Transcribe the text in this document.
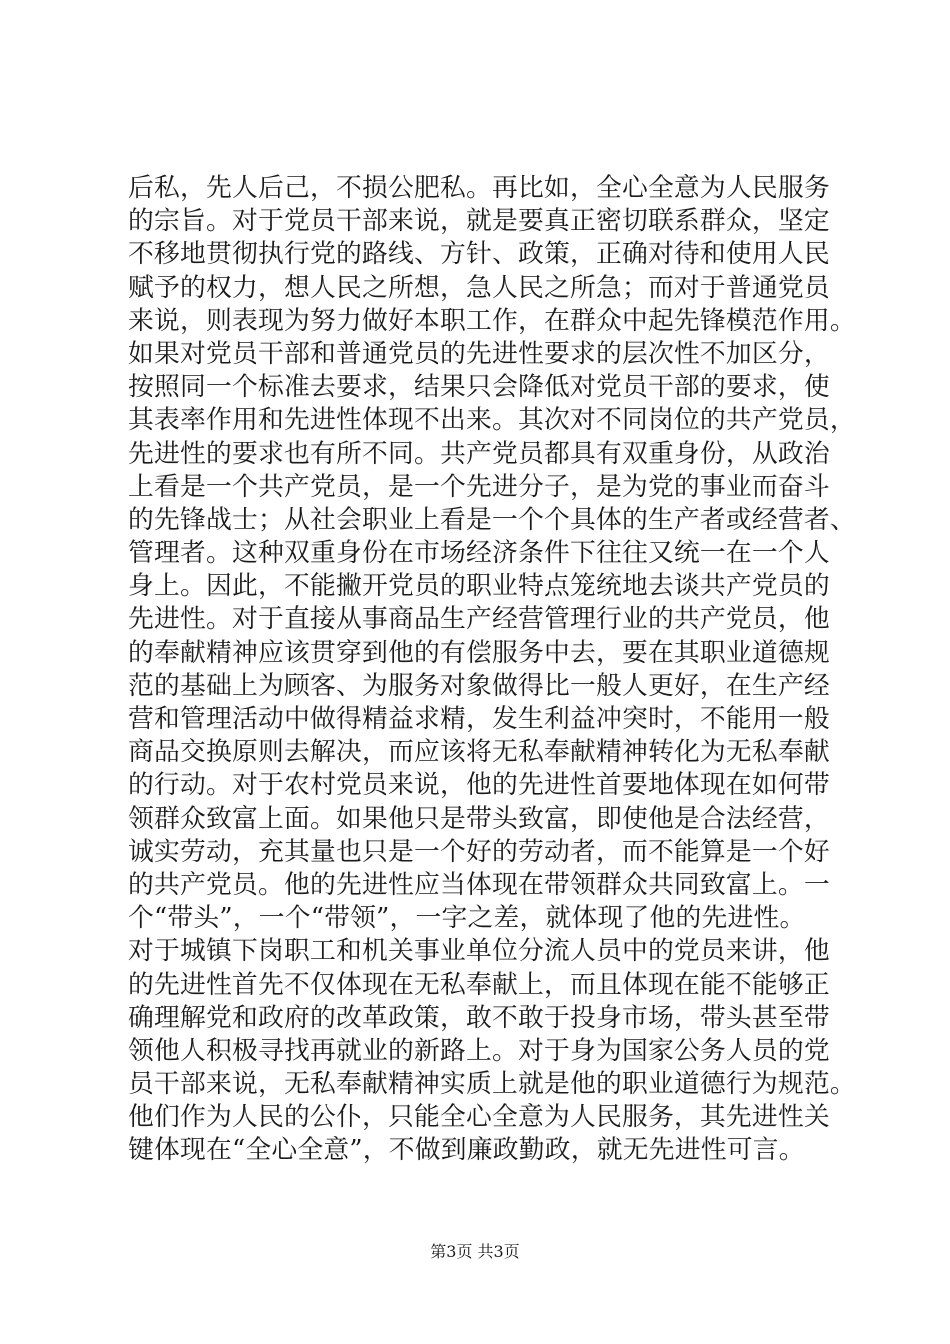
后私，先人后己，不损公肥私。再比如，全心全意为人民服务
的宗旨。对于党员干部来说，就是要真正密切联系群众，坚定
不移地贯彻执行党的路线、方针、政策，正确对待和使用人民
赋予的权力，想人民之所想，急人民之所急；而对于普通党员
来说，则表现为努力做好本职工作，在群众中起先锋模范作用。
如果对党员干部和普通党员的先进性要求的层次性不加区分，
按照同一个标准去要求，结果只会降低对党员干部的要求，使
其表率作用和先进性体现不出来。其次对不同岗位的共产党员，
先进性的要求也有所不同。共产党员都具有双重身份，从政治
上看是一个共产党员，是一个先进分子，是为党的事业而奋斗
的先锋战士；从社会职业上看是一个个具体的生产者或经营者、
管理者。这种双重身份在市场经济条件下往往又统一在一个人
身上。因此，不能撇开党员的职业特点笼统地去谈共产党员的
先进性。对于直接从事商品生产经营管理行业的共产党员，他
的奉献精神应该贯穿到他的有偿服务中去，要在其职业道德规
范的基础上为顾客、为服务对象做得比一般人更好，在生产经
营和管理活动中做得精益求精，发生利益冲突时，不能用一般
商品交换原则去解决，而应该将无私奉献精神转化为无私奉献
的行动。对于农村党员来说，他的先进性首要地体现在如何带
领群众致富上面。如果他只是带头致富，即使他是合法经营，
诚实劳动，充其量也只是一个好的劳动者，而不能算是一个好
的共产党员。他的先进性应当体现在带领群众共同致富上。一
个“带头”，一个“带领”，一字之差，就体现了他的先进性。
对于城镇下岗职工和机关事业单位分流人员中的党员来讲，他
的先进性首先不仅体现在无私奉献上，而且体现在能不能够正
确理解党和政府的改革政策，敢不敢于投身市场，带头甚至带
领他人积极寻找再就业的新路上。对于身为国家公务人员的党
员干部来说，无私奉献精神实质上就是他的职业道德行为规范。
他们作为人民的公仆，只能全心全意为人民服务，其先进性关
键体现在“全心全意”，不做到廉政勤政，就无先进性可言。
第3页 共3页
